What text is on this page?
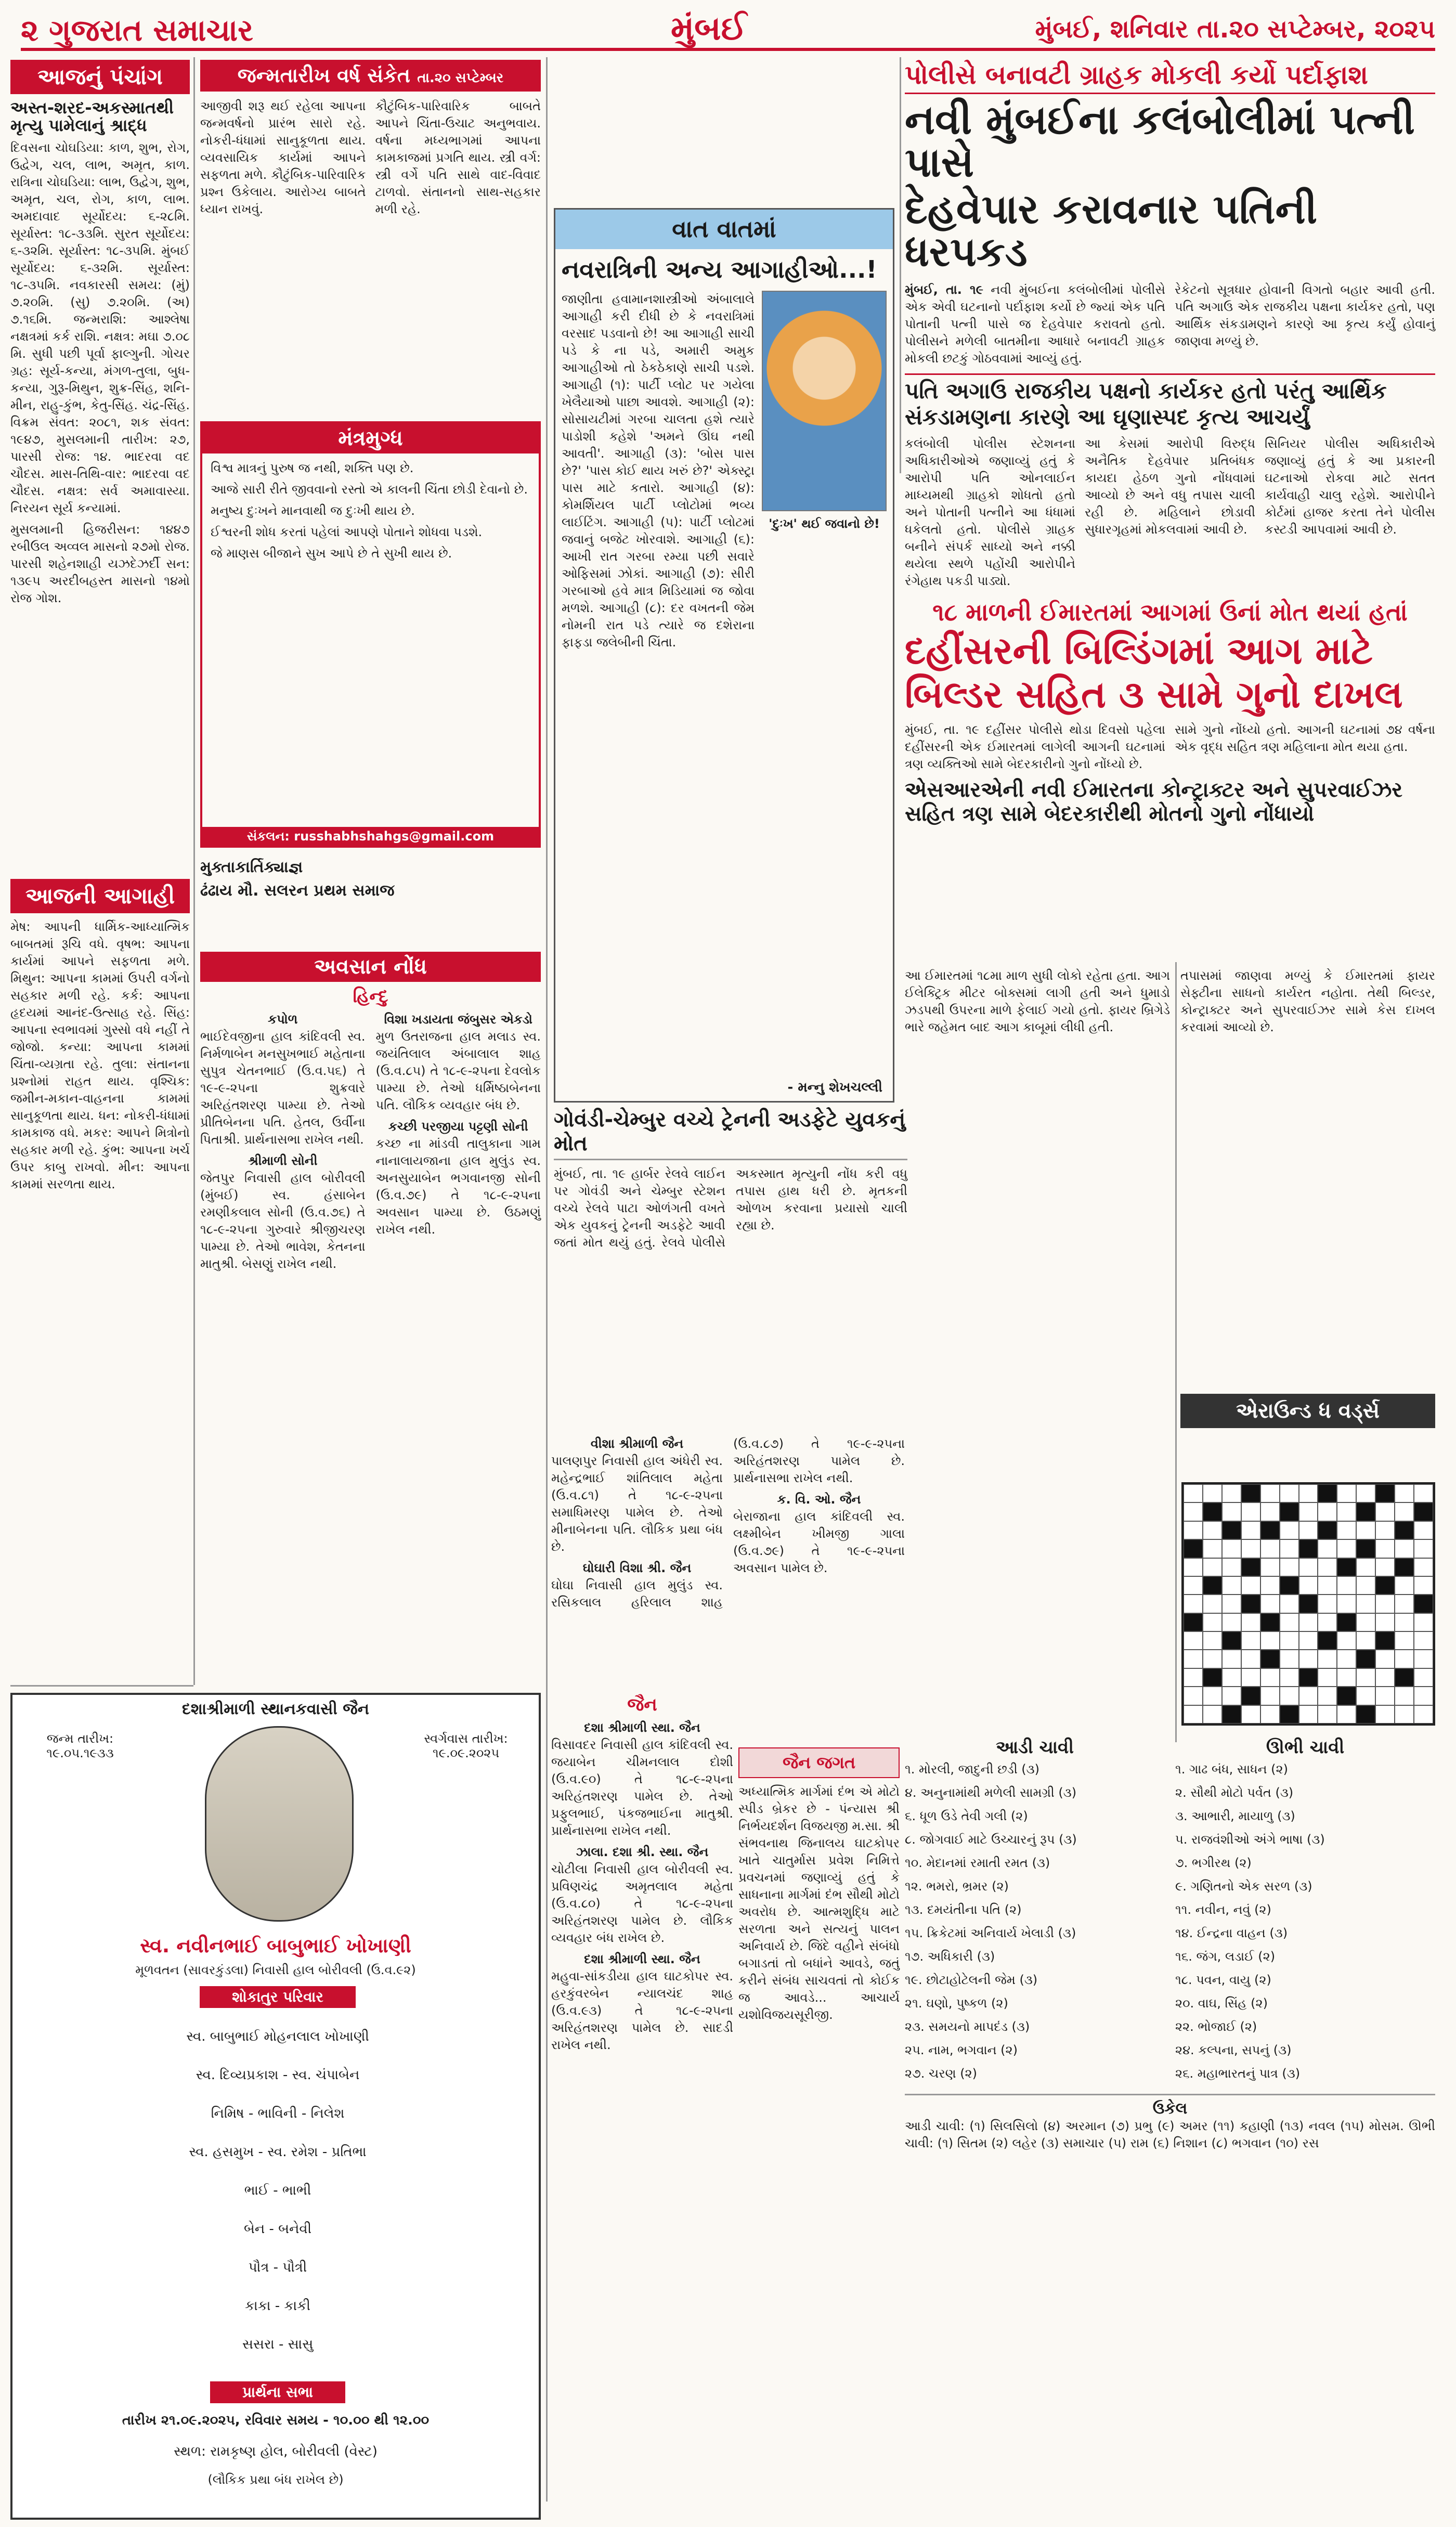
૨ ગુજરાત સમાચાર	મુંબઈ	મુંબઈ, શનિવાર તા.૨૦ સપ્ટેમ્બર, ૨૦૨૫
આજનું પંચાંગ
અસ્ત-શરદ-અકસ્માતથી મૃત્યુ પામેલાનું શ્રાદ્ધ
દિવસના ચોઘડિયા: કાળ, શુભ, રોગ, ઉદ્વેગ, ચલ, લાભ, અમૃત, કાળ. રાત્રિના ચોઘડિયા: લાભ, ઉદ્વેગ, શુભ, અમૃત, ચલ, રોગ, કાળ, લાભ. અમદાવાદ સૂર્યોદય: ૬-૨૮મિ. સૂર્યાસ્ત: ૧૮-૩૩મિ. સુરત સૂર્યોદય: ૬-૩૨મિ. સૂર્યાસ્ત: ૧૮-૩૫મિ. મુંબઈ સૂર્યોદય: ૬-૩૨મિ. સૂર્યાસ્ત: ૧૮-૩૫મિ. નવકારસી સમય: (મું) ૭.૨૦મિ. (સુ) ૭.૨૦મિ. (અ) ૭.૧૬મિ. જન્મરાશિ: આશ્લેષા નક્ષત્રમાં કર્ક રાશિ. નક્ષત્ર: મઘા ૭.૦૮ મિ. સુધી પછી પૂર્વા ફાલ્ગુની. ગોચર ગ્રહ: સૂર્ય-કન્યા, મંગળ-તુલા, બુધ-કન્યા, ગુરૂ-મિથુન, શુક્ર-સિંહ, શનિ-મીન, રાહુ-કુંભ, કેતુ-સિંહ. ચંદ્ર-સિંહ. વિક્રમ સંવત: ૨૦૮૧, શક સંવત: ૧૯૪૭, મુસલમાની તારીખ: ૨૭, પારસી રોજ: ૧૪. ભાદરવા વદ ચૌદસ. માસ-તિથિ-વાર: ભાદરવા વદ ચૌદસ. નક્ષત્ર: સર્વ અમાવાસ્યા. નિરયન સૂર્ય કન્યામાં.
મુસલમાની હિજરીસન: ૧૪૪૭ રબીઉલ અવ્વલ માસનો ૨૭મો રોજ. પારસી શહેનશાહી યઝદેઝર્દી સન: ૧૩૯૫ અરદીબહસ્ત માસનો ૧૪મો રોજ ગોશ.
આજની આગાહી
મેષ: આપની ધાર્મિક-આધ્યાત્મિક બાબતમાં રૂચિ વધે. વૃષભ: આપના કાર્યમાં આપને સફળતા મળે. મિથુન: આપના કામમાં ઉપરી વર્ગનો સહકાર મળી રહે. કર્ક: આપના હૃદયમાં આનંદ-ઉત્સાહ રહે. સિંહ: આપના સ્વભાવમાં ગુસ્સો વધે નહીં તે જોજો. કન્યા: આપના કામમાં ચિંતા-વ્યગ્રતા રહે. તુલા: સંતાનના પ્રશ્નોમાં રાહત થાય. વૃશ્ચિક: જમીન-મકાન-વાહનના કામમાં સાનુકૂળતા થાય. ધન: નોકરી-ધંધામાં કામકાજ વધે. મકર: આપને મિત્રોનો સહકાર મળી રહે. કુંભ: આપના ખર્ચ ઉપર કાબુ રાખવો. મીન: આપના કામમાં સરળતા થાય.
દશાશ્રીમાળી સ્થાનકવાસી જૈન
જન્મ તારીખ:
૧૯.૦૫.૧૯૩૩
સ્વર્ગવાસ તારીખ:
૧૯.૦૯.૨૦૨૫
સ્વ. નવીનભાઈ બાબુભાઈ ખોખાણી
મૂળવતન (સાવરકુંડલા) નિવાસી હાલ બોરીવલી (ઉ.વ.૯૨)
શોકાતુર પરિવાર
સ્વ. બાબુભાઈ મોહનલાલ ખોખાણી
સ્વ. દિવ્યપ્રકાશ - સ્વ. ચંપાબેન
નિમિષ - ભાવિની - નિલેશ
સ્વ. હસમુખ - સ્વ. રમેશ - પ્રતિભા
ભાઈ - ભાભી
બેન - બનેવી
પૌત્ર - પૌત્રી
કાકા - કાકી
સસરા - સાસુ
પ્રાર્થના સભા
તારીખ ૨૧.૦૯.૨૦૨૫, રવિવાર સમય - ૧૦.૦૦ થી ૧૨.૦૦
સ્થળ: રામકૃષ્ણ હોલ, બોરીવલી (વેસ્ટ)
(લૌકિક પ્રથા બંધ રાખેલ છે)
જન્મતારીખ વર્ષ સંકેત તા.૨૦ સપ્ટેમ્બર
આજીવી શરૂ થઈ રહેલા આપના જન્મવર્ષનો પ્રારંભ સારો રહે. નોકરી-ધંધામાં સાનુકૂળતા થાય. વ્યવસાયિક કાર્યમાં આપને સફળતા મળે. કૌટુંબિક-પારિવારિક પ્રશ્ન ઉકેલાય. આરોગ્ય બાબતે ધ્યાન રાખવું.
કૌટુંબિક-પારિવારિક બાબતે આપને ચિંતા-ઉચાટ અનુભવાય. વર્ષના મધ્યભાગમાં આપના કામકાજમાં પ્રગતિ થાય. સ્ત્રી વર્ગ: સ્ત્રી વર્ગે પતિ સાથે વાદ-વિવાદ ટાળવો. સંતાનનો સાથ-સહકાર મળી રહે.
મંત્રમુગ્ધ

વિશ્વ માત્રનું પુરુષ જ નથી, શક્તિ પણ છે.

આજે સારી રીતે જીવવાનો રસ્તો એ કાલની ચિંતા છોડી દેવાનો છે.

મનુષ્ય દુઃખને માનવાથી જ દુઃખી થાય છે.

ઈશ્વરની શોધ કરતાં પહેલાં આપણે પોતાને શોધવા પડશે.

જે માણસ બીજાને સુખ આપે છે તે સુખી થાય છે.

સંકલન: russhabhshahgs@gmail.com
મુક્તાકાર્તિક્યાજ્ઞ
ઢંઢાય મૌ. સલરન પ્રથમ સમાજ
અવસાન નોંધ
હિન્દુ
કપોળ

ભાઈદેવજીના હાલ કાંદિવલી સ્વ. નિર્મળાબેન મનસુખભાઈ મહેતાના સુપુત્ર ચેતનભાઈ (ઉ.વ.૫૬) તે ૧૯-૯-૨૫ના શુક્રવારે અરિહંતશરણ પામ્યા છે. તેઓ પ્રીતિબેનના પતિ. હેતલ, ઉર્વીના પિતાશ્રી. પ્રાર્થનાસભા રાખેલ નથી.

શ્રીમાળી સોની

જેતપુર નિવાસી હાલ બોરીવલી (મુંબઈ) સ્વ. હંસાબેન રમણીકલાલ સોની (ઉ.વ.૭૬) તે ૧૮-૯-૨૫ના ગુરુવારે શ્રીજીચરણ પામ્યા છે. તેઓ ભાવેશ, કેતનના માતુશ્રી. બેસણું રાખેલ નથી.

વિશા ખડાયતા જંબુસર એકડો

મુળ ઉતરાજના હાલ મલાડ સ્વ. જયંતિલાલ અંબાલાલ શાહ (ઉ.વ.૮૫) તે ૧૮-૯-૨૫ના દેવલોક પામ્યા છે. તેઓ ધર્મિષ્ઠાબેનના પતિ. લૌકિક વ્યવહાર બંધ છે.

કચ્છી પરજીયા પટ્ટણી સોની

કચ્છ ના માંડવી તાલુકાના ગામ નાનાલાયજાના હાલ મુલુંડ સ્વ. અનસુયાબેન ભગવાનજી સોની (ઉ.વ.૭૯) તે ૧૮-૯-૨૫ના અવસાન પામ્યા છે. ઉઠમણું રાખેલ નથી.

જૈન
દશા શ્રીમાળી સ્થા. જૈન

વિસાવદર નિવાસી હાલ કાંદિવલી સ્વ. જયાબેન ચીમનલાલ દોશી (ઉ.વ.૯૦) તે ૧૮-૯-૨૫ના અરિહંતશરણ પામેલ છે. તેઓ પ્રફુલભાઈ, પંકજભાઈના માતુશ્રી. પ્રાર્થનાસભા રાખેલ નથી.

ઝાલા. દશા શ્રી. સ્થા. જૈન

ચોટીલા નિવાસી હાલ બોરીવલી સ્વ. પ્રવિણચંદ્ર અમૃતલાલ મહેતા (ઉ.વ.૮૦) તે ૧૮-૯-૨૫ના અરિહંતશરણ પામેલ છે. લૌકિક વ્યવહાર બંધ રાખેલ છે.

દશા શ્રીમાળી સ્થા. જૈન

મહુવા-સાંકડીયા હાલ ઘાટકોપર સ્વ. હરકુંવરબેન ન્યાલચંદ શાહ (ઉ.વ.૯૩) તે ૧૮-૯-૨૫ના અરિહંતશરણ પામેલ છે. સાદડી રાખેલ નથી.

વીશા શ્રીમાળી જૈન

પાલણપુર નિવાસી હાલ અંધેરી સ્વ. મહેન્દ્રભાઈ શાંતિલાલ મહેતા (ઉ.વ.૮૧) તે ૧૮-૯-૨૫ના સમાધિમરણ પામેલ છે. તેઓ મીનાબેનના પતિ. લૌકિક પ્રથા બંધ છે.

ઘોઘારી વિશા શ્રી. જૈન

ઘોઘા નિવાસી હાલ મુલુંડ સ્વ. રસિકલાલ હરિલાલ શાહ (ઉ.વ.૮૭) તે ૧૯-૯-૨૫ના અરિહંતશરણ પામેલ છે. પ્રાર્થનાસભા રાખેલ નથી.

ક. વિ. ઓ. જૈન

બેરાજાના હાલ કાંદિવલી સ્વ. લક્ષ્મીબેન ખીમજી ગાલા (ઉ.વ.૭૯) તે ૧૯-૯-૨૫ના અવસાન પામેલ છે.

વાત વાતમાં
નવરાત્રિની અન્ય આગાહીઓ...!
જાણીતા હવામાનશાસ્ત્રીઓ અંબાલાલે આગાહી કરી દીધી છે કે નવરાત્રિમાં વરસાદ પડવાનો છે! આ આગાહી સાચી પડે કે ના પડે, અમારી અમુક આગાહીઓ તો ઠેકઠેકાણે સાચી પડશે. આગાહી (૧): પાર્ટી પ્લોટ પર ગયેલા ખેલૈયાઓ પાછા આવશે. આગાહી (૨): સોસાયટીમાં ગરબા ચાલતા હશે ત્યારે પાડોશી કહેશે 'અમને ઊંઘ નથી આવતી'. આગાહી (૩): 'બોસ પાસ છે?' 'પાસ કોઈ થાય ખરું છે?' એક્સ્ટ્રા પાસ માટે કતારો. આગાહી (૪): કોમર્શિયલ પાર્ટી પ્લોટોમાં ભવ્ય લાઈટિંગ. આગાહી (૫): પાર્ટી પ્લોટમાં જવાનું બજેટ ખોરવાશે. આગાહી (૬): આખી રાત ગરબા રમ્યા પછી સવારે ઓફિસમાં ઝોકાં. આગાહી (૭): સીરી ગરબાઓ હવે માત્ર મિડિયામાં જ જોવા મળશે. આગાહી (૮): દર વખતની જેમ નોમની રાત પડે ત્યારે જ દશેરાના ફાફડા જલેબીની ચિંતા.
'દુઃખ' થઈ જવાનો છે!
- મન્નુ શેખચલ્લી
પોલીસે બનાવટી ગ્રાહક મોકલી કર્યો પર્દાફાશ
નવી મુંબઈના કલંબોલીમાં પત્ની પાસે
દેહવેપાર કરાવનાર પતિની ધરપકડ
મુંબઈ, તા. ૧૯ નવી મુંબઈના કલંબોલીમાં પોલીસે એક એવી ઘટનાનો પર્દાફાશ કર્યો છે જ્યાં એક પતિ પોતાની પત્ની પાસે જ દેહવેપાર કરાવતો હતો. પોલીસને મળેલી બાતમીના આધારે બનાવટી ગ્રાહક મોકલી છટકું ગોઠવવામાં આવ્યું હતું.
રેકેટનો સૂત્રધાર હોવાની વિગતો બહાર આવી હતી. પતિ અગાઉ એક રાજકીય પક્ષના કાર્યકર હતો, પણ આર્થિક સંકડામણને કારણે આ કૃત્ય કર્યું હોવાનું જાણવા મળ્યું છે.
પતિ અગાઉ રાજકીય પક્ષનો કાર્યકર હતો પરંતુ આર્થિક સંકડામણના કારણે આ ઘૃણાસ્પદ કૃત્ય આચર્યું
કલંબોલી પોલીસ સ્ટેશનના અધિકારીઓએ જણાવ્યું હતું કે આરોપી પતિ ઓનલાઈન માધ્યમથી ગ્રાહકો શોધતો હતો અને પોતાની પત્નીને આ ધંધામાં ધકેલતો હતો. પોલીસે ગ્રાહક બનીને સંપર્ક સાધ્યો અને નક્કી થયેલા સ્થળે પહોંચી આરોપીને રંગેહાથ પકડી પાડ્યો.
આ કેસમાં આરોપી વિરુદ્ધ અનૈતિક દેહવેપાર પ્રતિબંધક કાયદા હેઠળ ગુનો નોંધવામાં આવ્યો છે અને વધુ તપાસ ચાલી રહી છે. મહિલાને છોડાવી સુધારગૃહમાં મોકલવામાં આવી છે.
સિનિયર પોલીસ અધિકારીએ જણાવ્યું હતું કે આ પ્રકારની ઘટનાઓ રોકવા માટે સતત કાર્યવાહી ચાલુ રહેશે. આરોપીને કોર્ટમાં હાજર કરતા તેને પોલીસ કસ્ટડી આપવામાં આવી છે.
૧૮ માળની ઈમારતમાં આગમાં ઉનાં મોત થયાં હતાં
દહીંસરની બિલ્ડિંગમાં આગ માટે
બિલ્ડર સહિત ૩ સામે ગુનો દાખલ
મુંબઈ, તા. ૧૯ દહીંસર પોલીસે થોડા દિવસો પહેલા દહીંસરની એક ઈમારતમાં લાગેલી આગની ઘટનામાં ત્રણ વ્યક્તિઓ સામે બેદરકારીનો ગુનો નોંધ્યો છે.
સામે ગુનો નોંધ્યો હતો. આગની ઘટનામાં ૭૪ વર્ષના એક વૃદ્ધ સહિત ત્રણ મહિલાના મોત થયા હતા.
એસઆરએની નવી ઈમારતના કોન્ટ્રાક્ટર અને સુપરવાઈઝર સહિત ત્રણ સામે બેદરકારીથી મોતનો ગુનો નોંધાયો
આ ઈમારતમાં ૧૮મા માળ સુધી લોકો રહેતા હતા. આગ ઈલેક્ટ્રિક મીટર બોક્સમાં લાગી હતી અને ધુમાડો ઝડપથી ઉપરના માળે ફેલાઈ ગયો હતો. ફાયર બ્રિગેડે ભારે જહેમત બાદ આગ કાબૂમાં લીધી હતી.
ગોવંડી-ચેમ્બુર વચ્ચે ટ્રેનની અડફેટે યુવકનું મોત
મુંબઈ, તા. ૧૯ હાર્બર રેલવે લાઈન પર ગોવંડી અને ચેમ્બુર સ્ટેશન વચ્ચે રેલવે પાટા ઓળંગતી વખતે એક યુવકનું ટ્રેનની અડફેટે આવી જતાં મોત થયું હતું. રેલવે પોલીસે અકસ્માત મૃત્યુની નોંધ કરી વધુ તપાસ હાથ ધરી છે. મૃતકની ઓળખ કરવાના પ્રયાસો ચાલી રહ્યા છે.
તપાસમાં જાણવા મળ્યું કે ઈમારતમાં ફાયર સેફ્ટીના સાધનો કાર્યરત નહોતા. તેથી બિલ્ડર, કોન્ટ્રાક્ટર અને સુપરવાઈઝર સામે કેસ દાખલ કરવામાં આવ્યો છે.
એરાઉન્ડ ધ વર્ડ્સ
આડી ચાવી
૧. મોરલી, જાદુની છડી (૩)
૪. અનુનામાંથી મળેલી સામગ્રી (૩)
૬. ધૂળ ઉડે તેવી ગલી (૨)
૮. જોગવાઈ માટે ઉચ્ચારનું રૂપ (૩)
૧૦. મેદાનમાં રમાતી રમત (૩)
૧૨. ભમરો, ભ્રમર (૨)
૧૩. દમયંતીના પતિ (૨)
૧૫. ક્રિકેટમાં અનિવાર્ય ખેલાડી (૩)
૧૭. અધિકારી (૩)
૧૯. છોટાહોટેલની જેમ (૩)
૨૧. ઘણો, પુષ્કળ (૨)
૨૩. સમયનો માપદંડ (૩)
૨૫. નામ, ભગવાન (૨)
૨૭. ચરણ (૨)
ઊભી ચાવી
૧. ગાઢ બંધ, સાધન (૨)
૨. સૌથી મોટો પર્વત (૩)
૩. આભારી, માયાળુ (૩)
૫. રાજવંશીઓ અંગે ભાષા (૩)
૭. ભગીરથ (૨)
૯. ગણિતનો એક સરળ (૩)
૧૧. નવીન, નવું (૨)
૧૪. ઈન્દ્રના વાહન (૩)
૧૬. જંગ, લડાઈ (૨)
૧૮. પવન, વાયુ (૨)
૨૦. વાઘ, સિંહ (૨)
૨૨. ભોજાઈ (૨)
૨૪. કલ્પના, સપનું (૩)
૨૬. મહાભારતનું પાત્ર (૩)
ઉકેલ
આડી ચાવી: (૧) સિલસિલો (૪) અરમાન (૭) પ્રભુ (૯) અમર (૧૧) કહાણી (૧૩) નવલ (૧૫) મોસમ. ઊભી ચાવી: (૧) સિતમ (૨) લહેર (૩) સમાચાર (૫) રામ (૬) નિશાન (૮) ભગવાન (૧૦) રસ
જૈન જગત
અધ્યાત્મિક માર્ગમાં દંભ એ મોટો સ્પીડ બ્રેકર છે - પંન્યાસ શ્રી નિર્ભયદર્શન વિજયજી મ.સા. શ્રી સંભવનાથ જિનાલય ઘાટકોપર ખાતે ચાતુર્માસ પ્રવેશ નિમિત્તે પ્રવચનમાં જણાવ્યું હતું કે સાધનાના માર્ગમાં દંભ સૌથી મોટો અવરોધ છે. આત્મશુદ્ધિ માટે સરળતા અને સત્યનું પાલન અનિવાર્ય છે. જિંદે વહીને સંબંધો બગાડતાં તો બધાંને આવડે, જતું કરીને સંબંધ સાચવતાં તો કોઈક જ આવડે... આચાર્ય યશોવિજયસૂરીજી.
